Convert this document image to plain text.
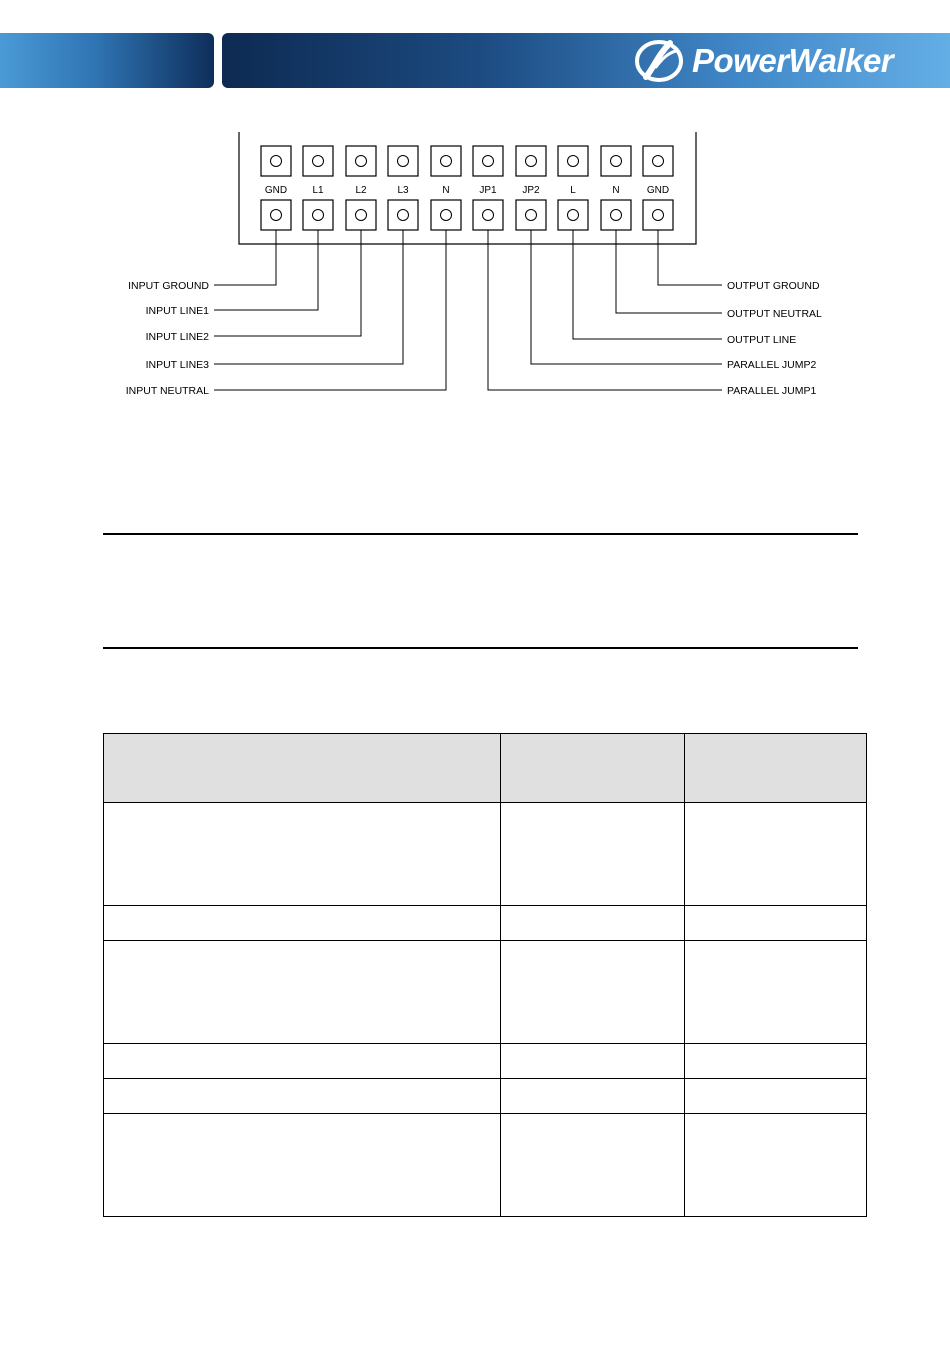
PowerWalker
GND
INPUT GROUND
L1
INPUT LINE1
L2
INPUT LINE2
L3
INPUT LINE3
N
INPUT NEUTRAL
JP1
PARALLEL JUMP1
JP2
PARALLEL JUMP2
L
OUTPUT LINE
N
OUTPUT NEUTRAL
GND
OUTPUT GROUND
